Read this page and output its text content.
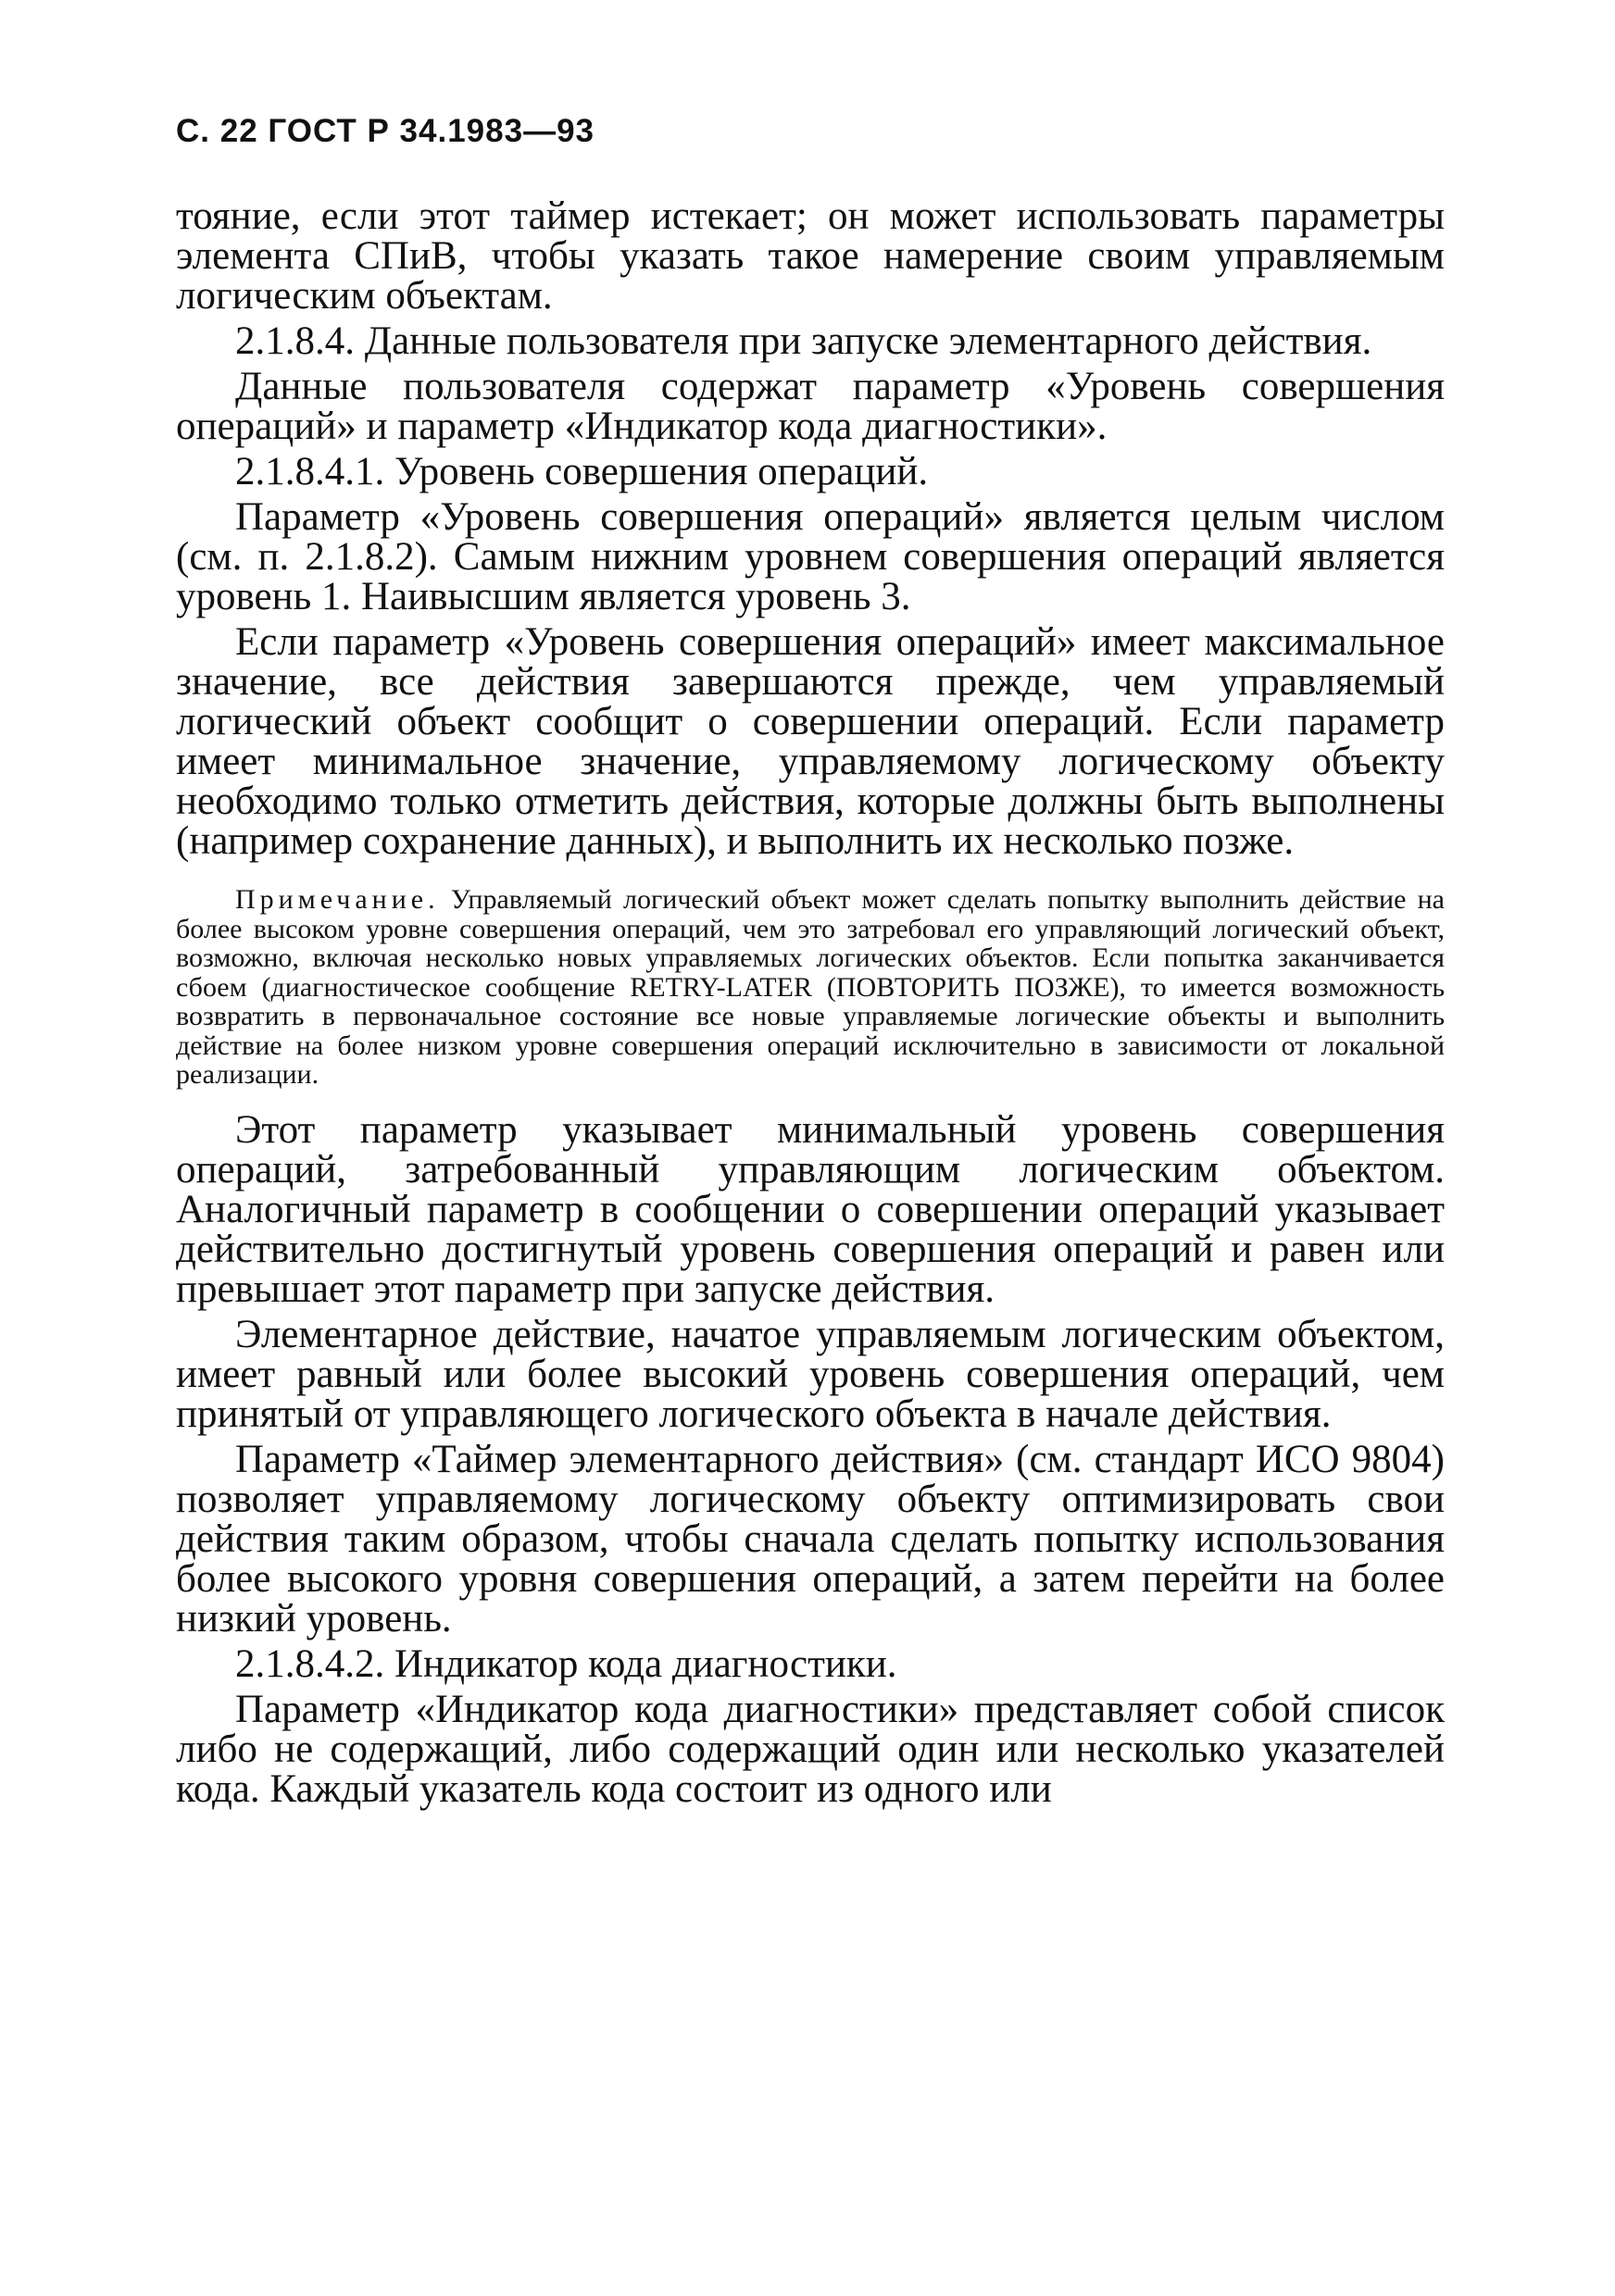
С. 22 ГОСТ Р 34.1983—93

тояние, если этот таймер истекает; он может использовать параметры элемента СПиВ, чтобы указать такое намерение своим управляемым логическим объектам.

2.1.8.4. Данные пользователя при запуске элементарного действия.

Данные пользователя содержат параметр «Уровень совершения операций» и параметр «Индикатор кода диагностики».

2.1.8.4.1. Уровень совершения операций.

Параметр «Уровень совершения операций» является целым числом (см. п. 2.1.8.2). Самым нижним уровнем совершения операций является уровень 1. Наивысшим является уровень 3.

Если параметр «Уровень совершения операций» имеет максимальное значение, все действия завершаются прежде, чем управляемый логический объект сообщит о совершении операций. Если параметр имеет минимальное значение, управляемому логическому объекту необходимо только отметить действия, которые должны быть выполнены (например сохранение данных), и выполнить их несколько позже.

Примечание. Управляемый логический объект может сделать попытку выполнить действие на более высоком уровне совершения операций, чем это затребовал его управляющий логический объект, возможно, включая несколько новых управляемых логических объектов. Если попытка заканчивается сбоем (диагностическое сообщение RETRY-LATER (ПОВТОРИТЬ ПОЗЖЕ), то имеется возможность возвратить в первоначальное состояние все новые управляемые логические объекты и выполнить действие на более низком уровне совершения операций исключительно в зависимости от локальной реализации.

Этот параметр указывает минимальный уровень совершения операций, затребованный управляющим логическим объектом. Аналогичный параметр в сообщении о совершении операций указывает действительно достигнутый уровень совершения операций и равен или превышает этот параметр при запуске действия.

Элементарное действие, начатое управляемым логическим объектом, имеет равный или более высокий уровень совершения операций, чем принятый от управляющего логического объекта в начале действия.

Параметр «Таймер элементарного действия» (см. стандарт ИСО 9804) позволяет управляемому логическому объекту оптимизировать свои действия таким образом, чтобы сначала сделать попытку использования более высокого уровня совершения операций, а затем перейти на более низкий уровень.

2.1.8.4.2. Индикатор кода диагностики.

Параметр «Индикатор кода диагностики» представляет собой список либо не содержащий, либо содержащий один или несколько указателей кода. Каждый указатель кода состоит из одного или
